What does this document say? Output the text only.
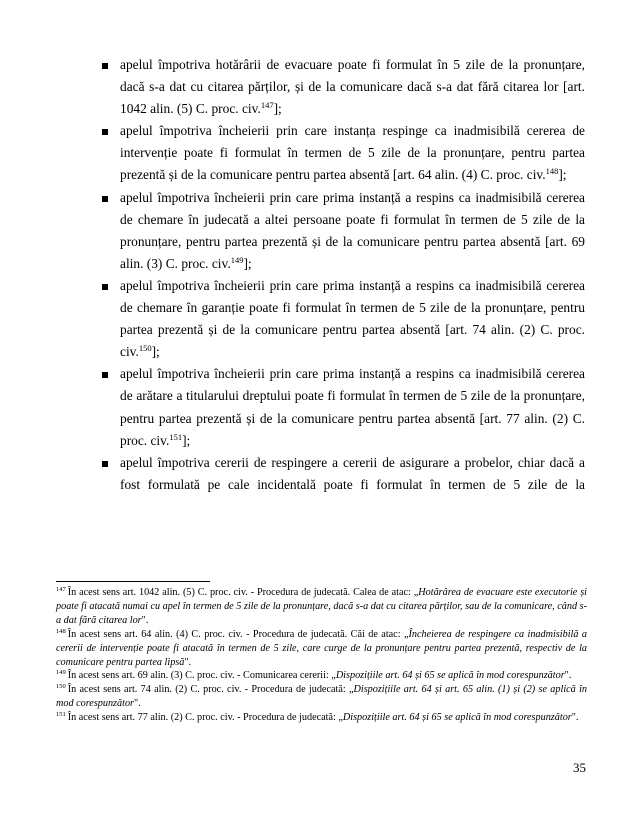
apelul împotriva hotărârii de evacuare poate fi formulat în 5 zile de la pronunțare, dacă s-a dat cu citarea părților, și de la comunicare dacă s-a dat fără citarea lor [art. 1042 alin. (5) C. proc. civ.$^{147}$];

apelul împotriva încheierii prin care instanța respinge ca inadmisibilă cererea de intervenție poate fi formulat în termen de 5 zile de la pronunțare, pentru partea prezentă și de la comunicare pentru partea absentă [art. 64 alin. (4) C. proc. civ.$^{148}$];

apelul împotriva încheierii prin care prima instanță a respins ca inadmisibilă cererea de chemare în judecată a altei persoane poate fi formulat în termen de 5 zile de la pronunțare, pentru partea prezentă și de la comunicare pentru partea absentă [art. 69 alin. (3) C. proc. civ.$^{149}$];

apelul împotriva încheierii prin care prima instanță a respins ca inadmisibilă cererea de chemare în garanție poate fi formulat în termen de 5 zile de la pronunțare, pentru partea prezentă și de la comunicare pentru partea absentă [art. 74 alin. (2) C. proc. civ.$^{150}$];

apelul împotriva încheierii prin care prima instanță a respins ca inadmisibilă cererea de arătare a titularului dreptului poate fi formulat în termen de 5 zile de la pronunțare, pentru partea prezentă și de la comunicare pentru partea absentă [art. 77 alin. (2) C. proc. civ.$^{151}$];

apelul împotriva cererii de respingere a cererii de asigurare a probelor, chiar dacă a fost formulată pe cale incidentală poate fi formulat în termen de 5 zile de la

$^{147}$ În acest sens art. 1042 alin. (5) C. proc. civ. - Procedura de judecată. Calea de atac: „Hotărârea de evacuare este executorie și poate fi atacată numai cu apel în termen de 5 zile de la pronunțare, dacă s-a dat cu citarea părților, sau de la comunicare, când s-a dat fără citarea lor".

$^{148}$ În acest sens art. 64 alin. (4) C. proc. civ. - Procedura de judecată. Căi de atac: „Încheierea de respingere ca inadmisibilă a cererii de intervenție poate fi atacată în termen de 5 zile, care curge de la pronunțare pentru partea prezentă, respectiv de la comunicare pentru partea lipsă".

$^{149}$ În acest sens art. 69 alin. (3) C. proc. civ. - Comunicarea cererii: „Dispozițiile art. 64 și 65 se aplică în mod corespunzător".

$^{150}$ În acest sens art. 74 alin. (2) C. proc. civ. - Procedura de judecată: „Dispozițiile art. 64 și art. 65 alin. (1) și (2) se aplică în mod corespunzător".

$^{151}$ În acest sens art. 77 alin. (2) C. proc. civ. - Procedura de judecată: „Dispozițiile art. 64 și 65 se aplică în mod corespunzător".

35
